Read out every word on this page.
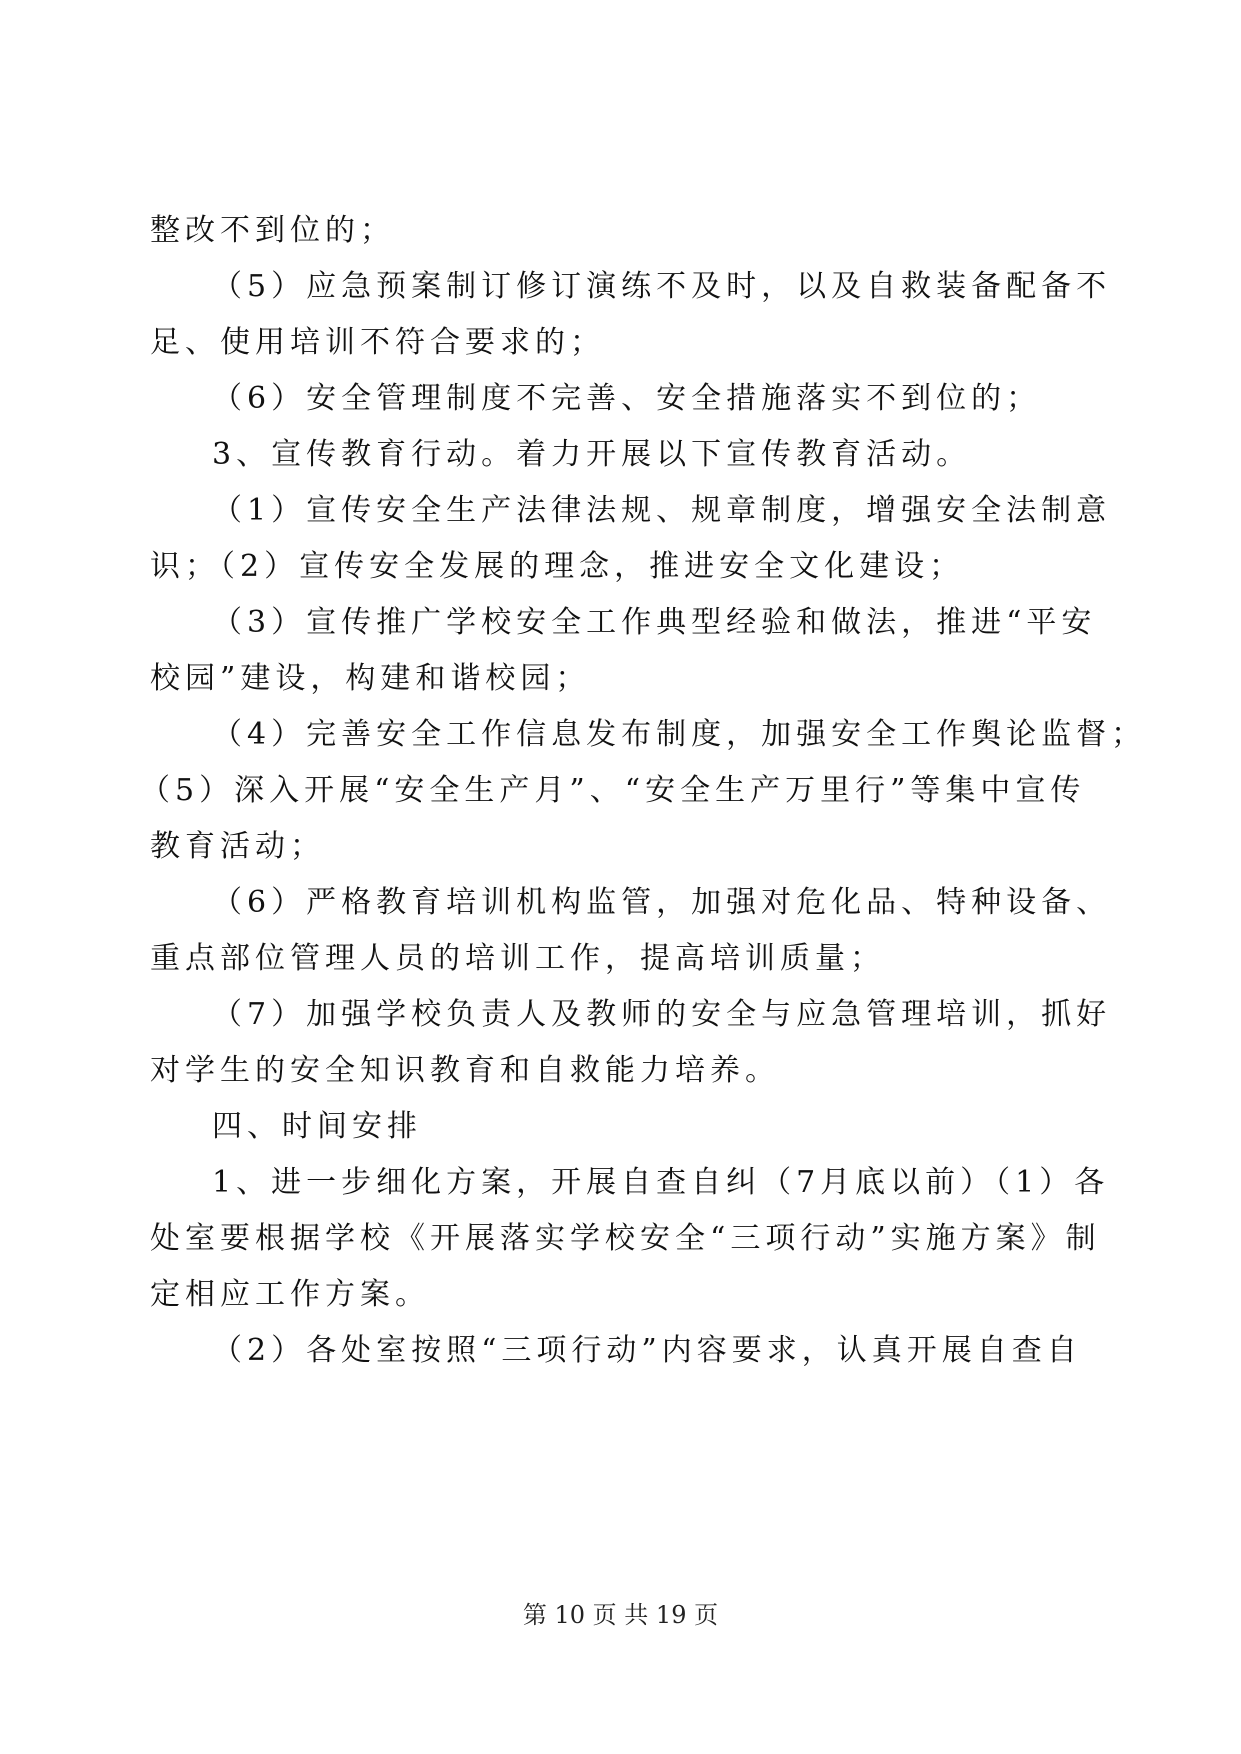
整改不到位的；
（5）应急预案制订修订演练不及时，以及自救装备配备不
足、使用培训不符合要求的；
（6）安全管理制度不完善、安全措施落实不到位的；
3、宣传教育行动。着力开展以下宣传教育活动。
（1）宣传安全生产法律法规、规章制度，增强安全法制意
识；（2）宣传安全发展的理念，推进安全文化建设；
（3）宣传推广学校安全工作典型经验和做法，推进“平安
校园”建设，构建和谐校园；
（4）完善安全工作信息发布制度，加强安全工作舆论监督；
（5）深入开展“安全生产月”、“安全生产万里行”等集中宣传
教育活动；
（6）严格教育培训机构监管，加强对危化品、特种设备、
重点部位管理人员的培训工作，提高培训质量；
（7）加强学校负责人及教师的安全与应急管理培训，抓好
对学生的安全知识教育和自救能力培养。
四、时间安排
1、进一步细化方案，开展自查自纠（7月底以前）（1）各
处室要根据学校《开展落实学校安全“三项行动”实施方案》制
定相应工作方案。
（2）各处室按照“三项行动”内容要求，认真开展自查自
第 10 页 共 19 页
